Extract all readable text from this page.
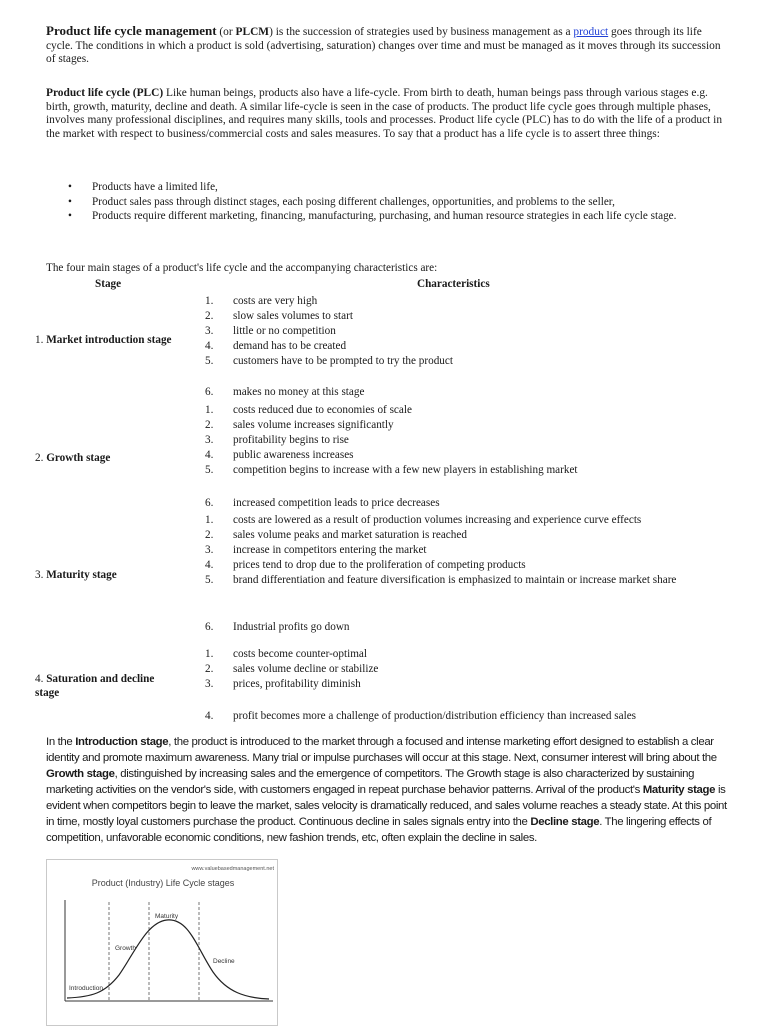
Product life cycle management (or PLCM) is the succession of strategies used by business management as a product goes through its life cycle. The conditions in which a product is sold (advertising, saturation) changes over time and must be managed as it moves through its succession of stages.

Product life cycle (PLC) Like human beings, products also have a life-cycle. From birth to death, human beings pass through various stages e.g. birth, growth, maturity, decline and death. A similar life-cycle is seen in the case of products. The product life cycle goes through multiple phases, involves many professional disciplines, and requires many skills, tools and processes. Product life cycle (PLC) has to do with the life of a product in the market with respect to business/commercial costs and sales measures. To say that a product has a life cycle is to assert three things:

• Products have a limited life,
• Product sales pass through distinct stages, each posing different challenges, opportunities, and problems to the seller,
• Products require different marketing, financing, manufacturing, purchasing, and human resource strategies in each life cycle stage.

The four main stages of a product's life cycle and the accompanying characteristics are:

Stage	Characteristics
1. Market introduction stage
1.	costs are very high
2.	slow sales volumes to start
3.	little or no competition
4.	demand has to be created
5.	customers have to be prompted to try the product
6. makes no money at this stage
2. Growth stage
1.	costs reduced due to economies of scale
2.	sales volume increases significantly
3.	profitability begins to rise
4.	public awareness increases
5.	competition begins to increase with a few new players in establishing market
6. increased competition leads to price decreases
3. Maturity stage
1.	costs are lowered as a result of production volumes increasing and experience curve effects
2.	sales volume peaks and market saturation is reached
3.	increase in competitors entering the market
4.	prices tend to drop due to the proliferation of competing products
5.	brand differentiation and feature diversification is emphasized to maintain or increase market share
6. Industrial profits go down
4. Saturation and decline stage
1.	costs become counter-optimal
2.	sales volume decline or stabilize
3.	prices, profitability diminish
4. profit becomes more a challenge of production/distribution efficiency than increased sales

In the Introduction stage, the product is introduced to the market through a focused and intense marketing effort designed to establish a clear identity and promote maximum awareness. Many trial or impulse purchases will occur at this stage. Next, consumer interest will bring about the Growth stage, distinguished by increasing sales and the emergence of competitors. The Growth stage is also characterized by sustaining marketing activities on the vendor's side, with customers engaged in repeat purchase behavior patterns. Arrival of the product's Maturity stage is evident when competitors begin to leave the market, sales velocity is dramatically reduced, and sales volume reaches a steady state. At this point in time, mostly loyal customers purchase the product. Continuous decline in sales signals entry into the Decline stage. The lingering effects of competition, unfavorable economic conditions, new fashion trends, etc, often explain the decline in sales.

www.valuebasedmanagement.net
Product (Industry) Life Cycle stages
Introduction
Growth
Maturity
Decline
